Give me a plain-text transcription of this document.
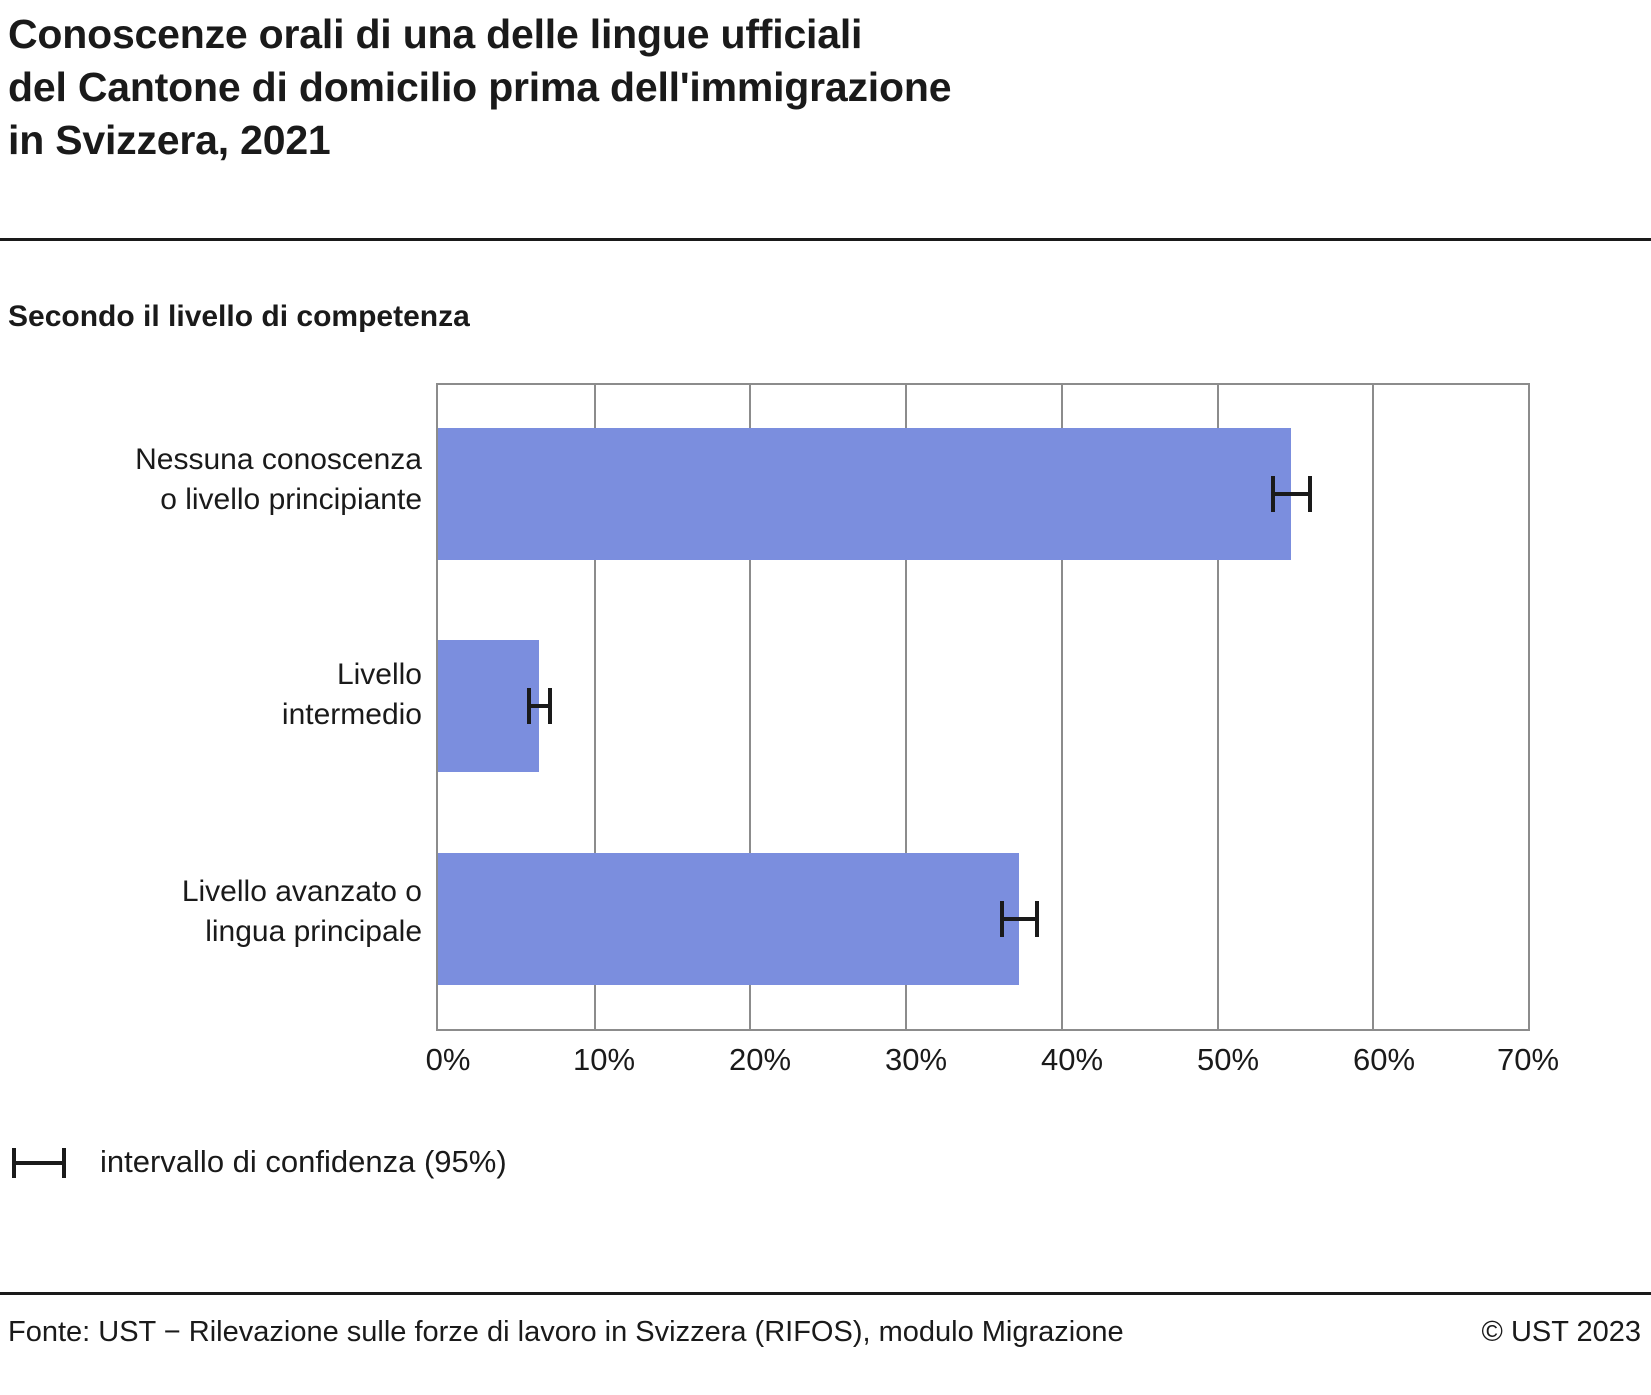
Conoscenze orali di una delle lingue ufficiali
del Cantone di domicilio prima dell'immigrazione
in Svizzera, 2021
Secondo il livello di competenza
Nessuna conoscenza
o livello principiante
Livello
intermedio
Livello avanzato o
lingua principale
0%	10%	20%	30%	40%	50%	60%	70%
intervallo di confidenza (95%)
Fonte: UST − Rilevazione sulle forze di lavoro in Svizzera (RIFOS), modulo Migrazione	© UST 2023
